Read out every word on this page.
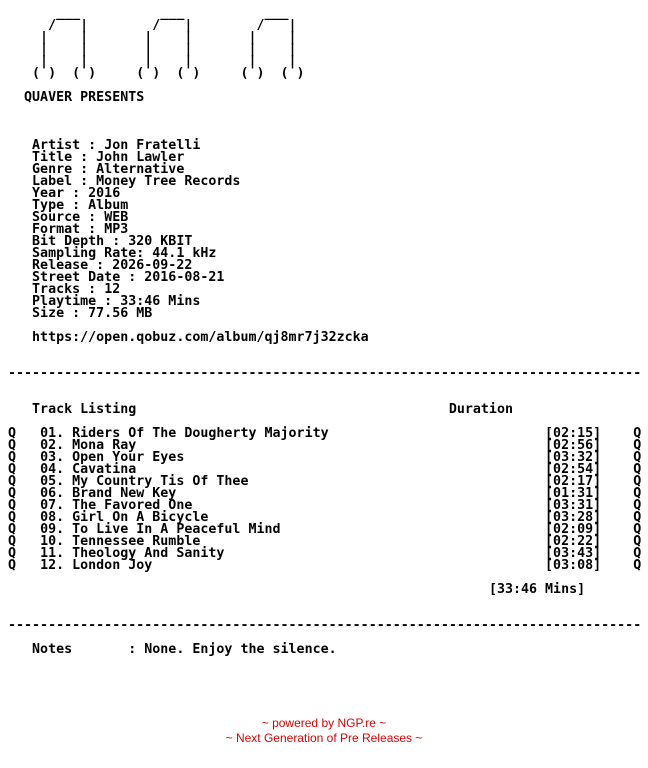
___          ___          ___
/   |        /   |        /   |
|    |       |    |       |    |
|    |       |    |       |    |
|    |       |    |       |    |
( )  ( )     ( )  ( )     ( )  ( )
QUAVER PRESENTS
Artist : Jon Fratelli
Title : John Lawler
Genre : Alternative
Label : Money Tree Records
Year : 2016
Type : Album
Source : WEB
Format : MP3
Bit Depth : 320 KBIT
Sampling Rate: 44.1 kHz
Release : 2026-09-22
Street Date : 2016-08-21
Tracks : 12
Playtime : 33:46 Mins
Size : 77.56 MB
https://open.qobuz.com/album/qj8mr7j32zcka
-------------------------------------------------------------------------------
Track Listing	Duration
Q 01. Riders Of The Dougherty Majority	[02:15] Q
Q 02. Mona Ray	[02:56] Q
Q 03. Open Your Eyes	[03:32] Q
Q 04. Cavatina	[02:54] Q
Q 05. My Country Tis Of Thee	[02:17] Q
Q 06. Brand New Key	[01:31] Q
Q 07. The Favored One	[03:31] Q
Q 08. Girl On A Bicycle	[03:28] Q
Q 09. To Live In A Peaceful Mind	[02:09] Q
Q 10. Tennessee Rumble	[02:22] Q
Q 11. Theology And Sanity	[03:43] Q
Q 12. London Joy	[03:08] Q
[33:46 Mins]
-------------------------------------------------------------------------------
Notes       : None. Enjoy the silence.
~ powered by NGP.re ~
~ Next Generation of Pre Releases ~
